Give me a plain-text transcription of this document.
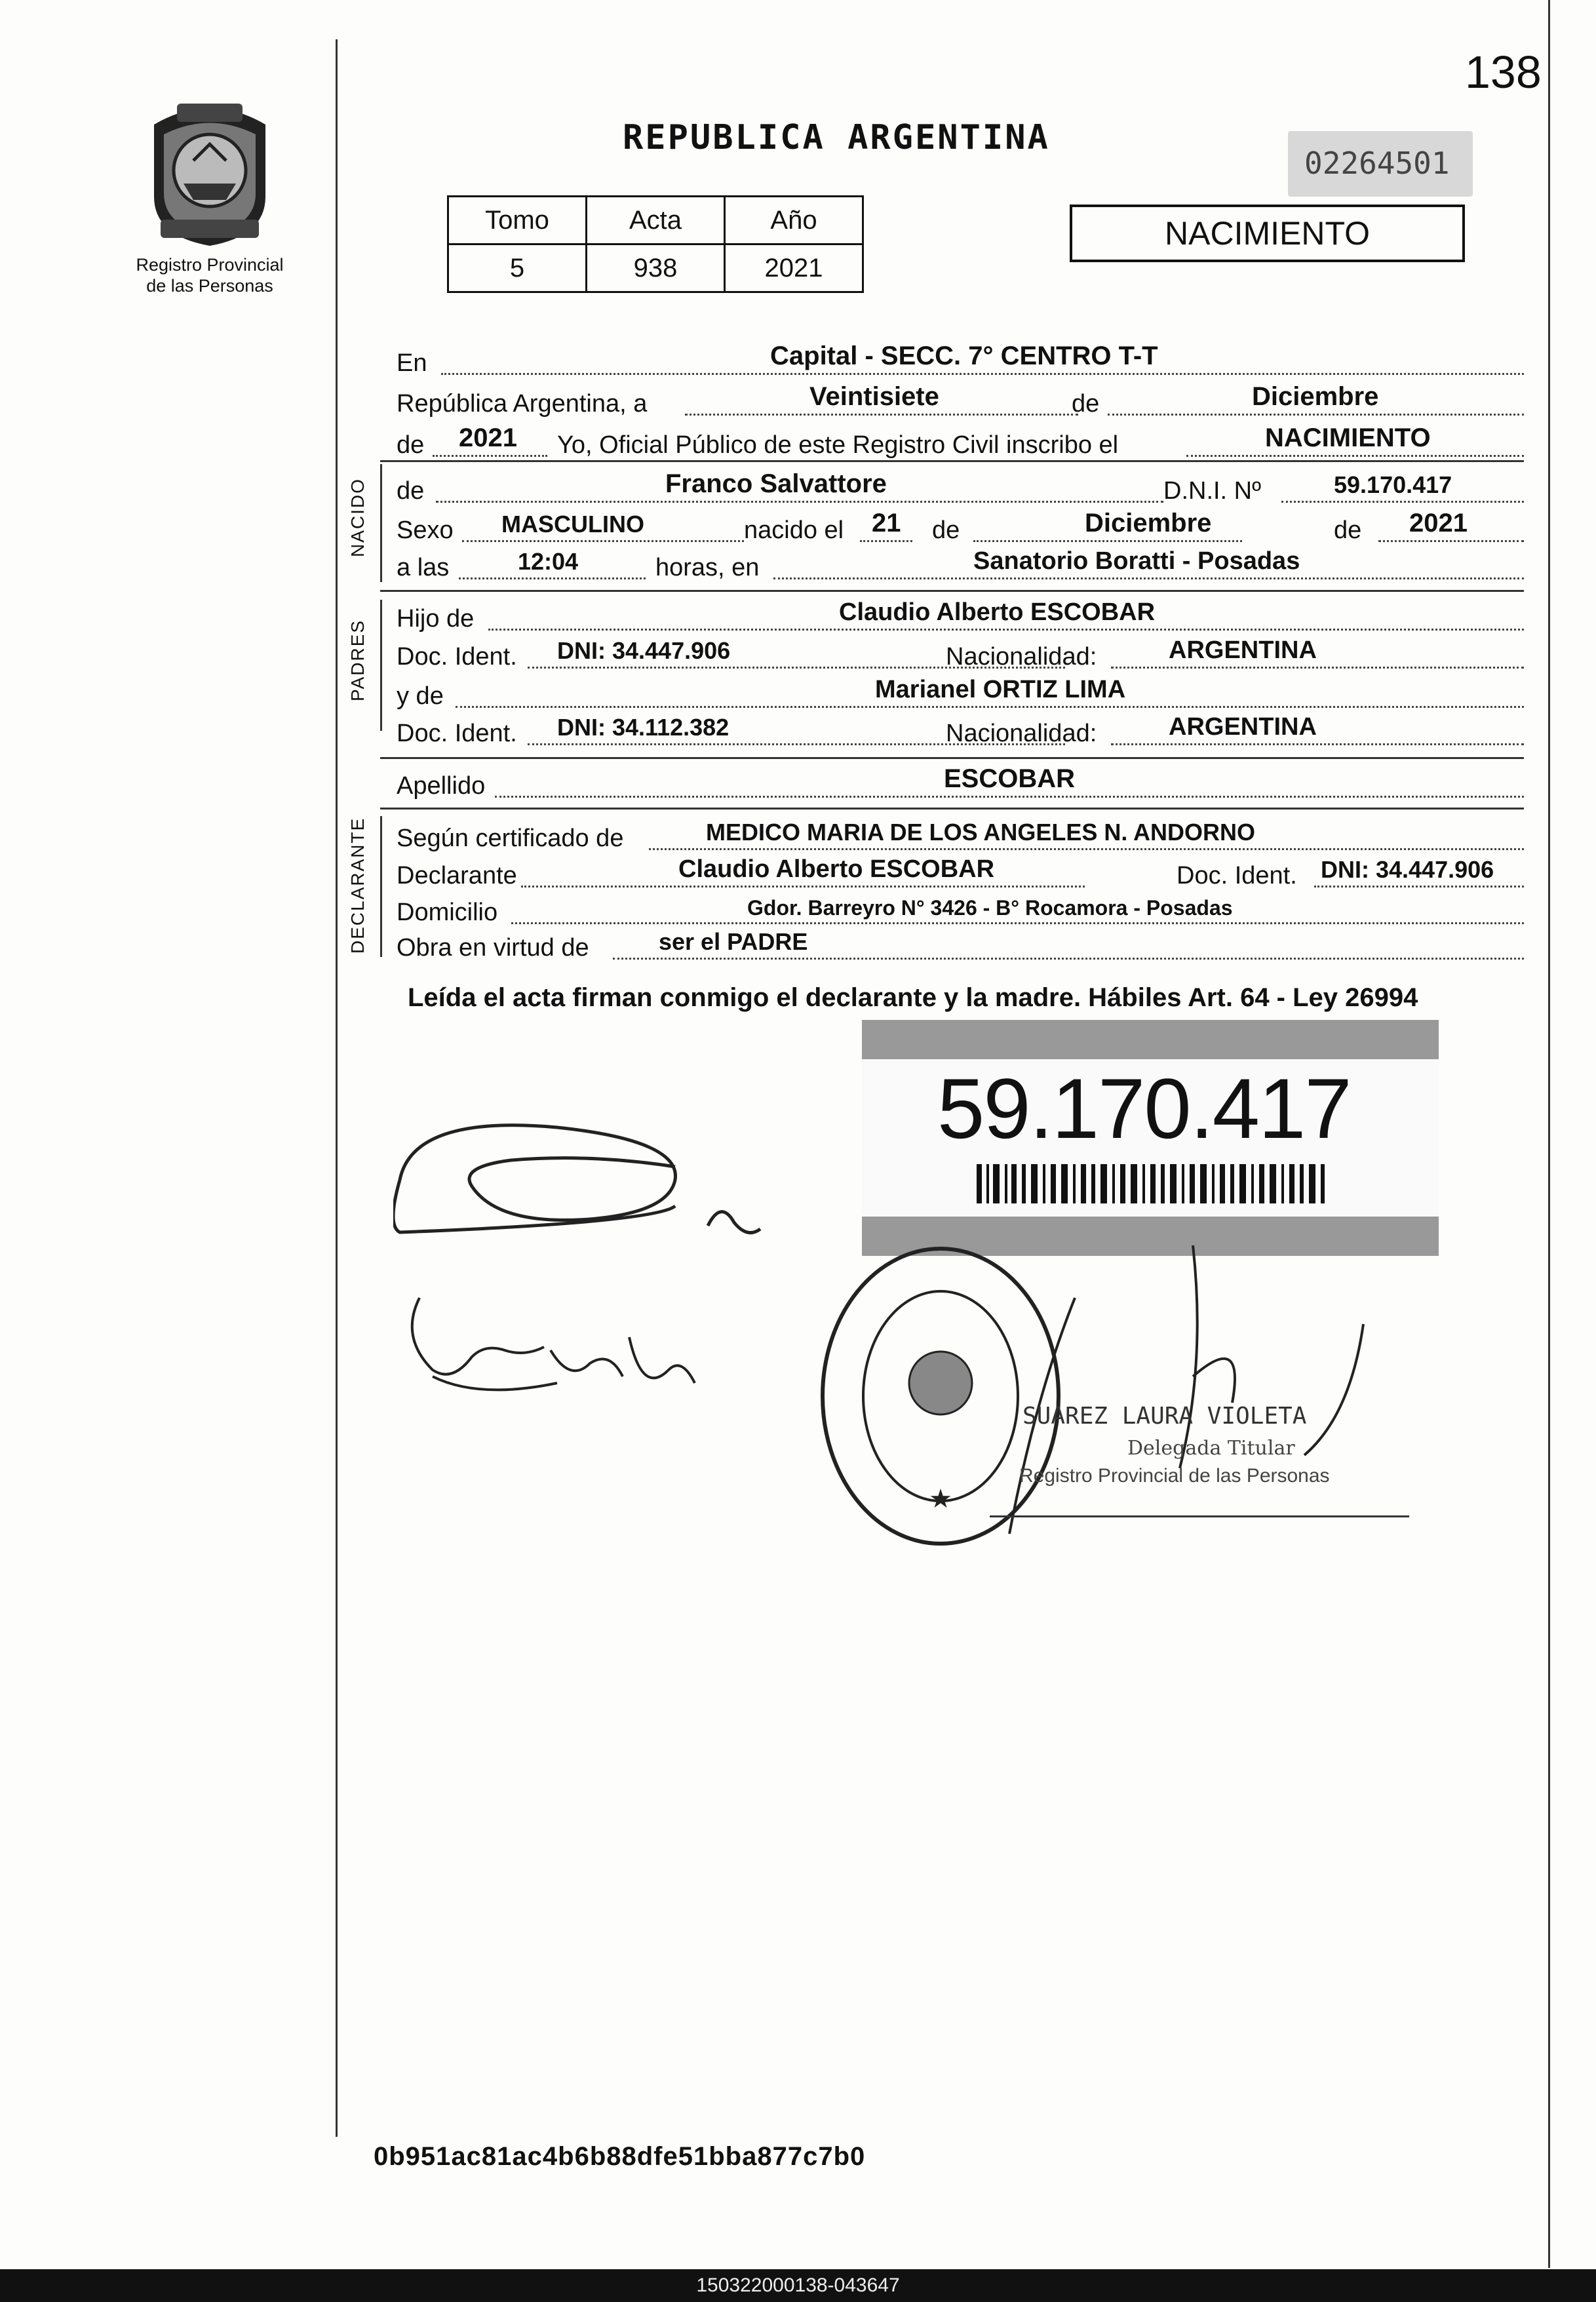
138
Registro Provincial
de las Personas
REPUBLICA ARGENTINA
02264501
Tomo	Acta	Año
5	938	2021
NACIMIENTO
En	Capital - SECC. 7° CENTRO T-T
República Argentina, a	Veintisiete	de	Diciembre
de 2021 Yo, Oficial Público de este Registro Civil inscribo el	NACIMIENTO
NACIDO de	Franco Salvattore	D.N.I. Nº	59.170.417
Sexo MASCULINO	nacido el 21 de	Diciembre	de 2021
a las	12:04	horas, en	Sanatorio Boratti - Posadas
PADRES
Hijo de	Claudio Alberto ESCOBAR
Doc. Ident. DNI: 34.447.906	Nacionalidad:	ARGENTINA
y de	Marianel ORTIZ LIMA
Doc. Ident. DNI: 34.112.382	Nacionalidad:	ARGENTINA
Apellido	ESCOBAR
DECLARANTE Según certificado de	MEDICO MARIA DE LOS ANGELES N. ANDORNO
Declarante	Claudio Alberto ESCOBAR	Doc. Ident. DNI: 34.447.906
Domicilio	Gdor. Barreyro N° 3426 - B° Rocamora - Posadas
Obra en virtud de	ser el PADRE
Leída el acta firman conmigo el declarante y la madre. Hábiles Art. 64 - Ley 26994
59.170.417
★
SUAREZ LAURA VIOLETA
Delegada Titular
Registro Provincial de las Personas
0b951ac81ac4b6b88dfe51bba877c7b0
150322000138-043647
